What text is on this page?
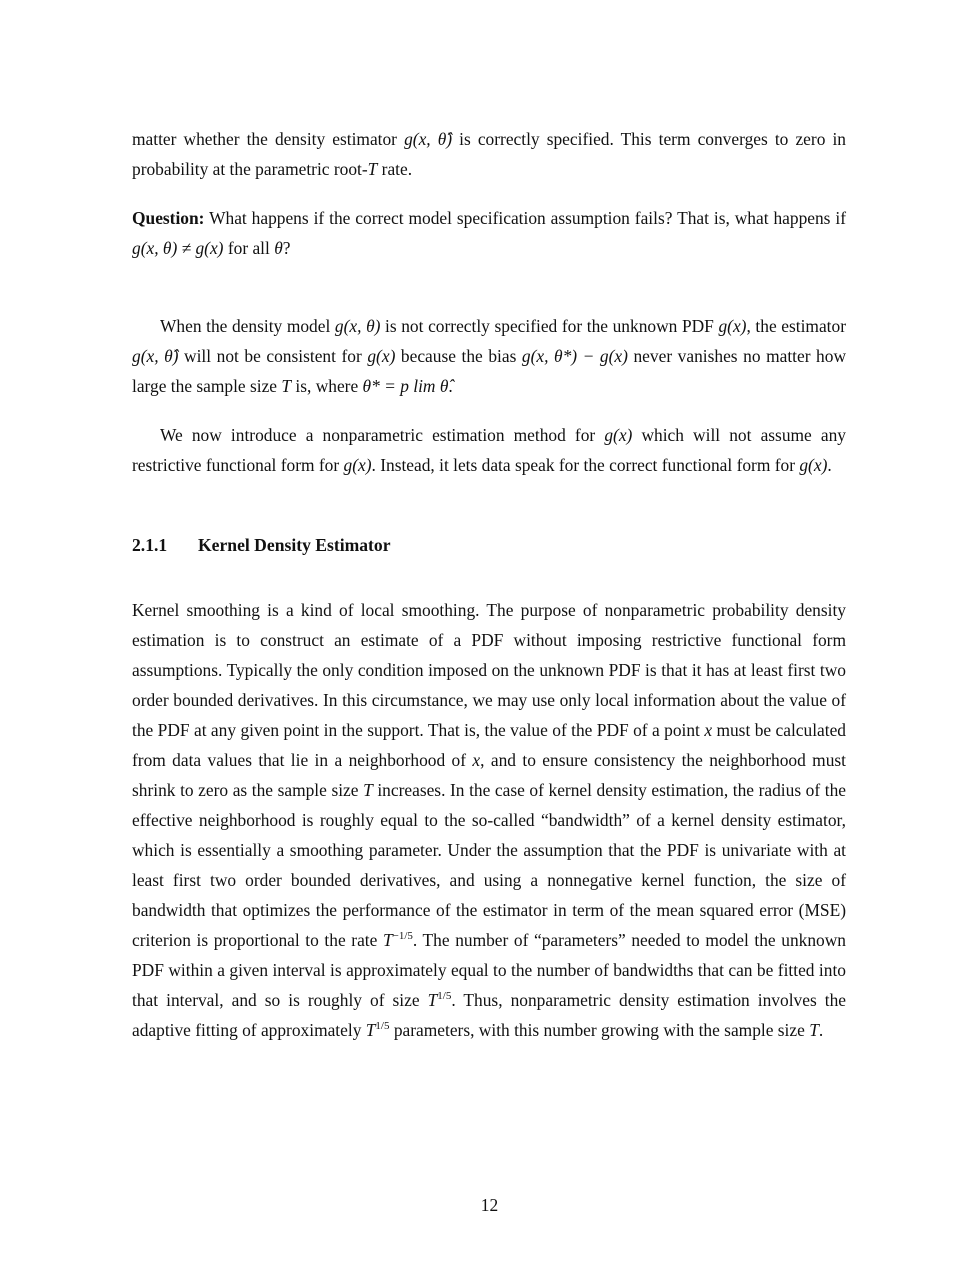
matter whether the density estimator g(x, θ̂) is correctly specified. This term converges to zero in probability at the parametric root-T rate.

Question: What happens if the correct model specification assumption fails? That is, what happens if g(x, θ) ≠ g(x) for all θ?

When the density model g(x, θ) is not correctly specified for the unknown PDF g(x), the estimator g(x, θ̂) will not be consistent for g(x) because the bias g(x, θ*) − g(x) never vanishes no matter how large the sample size T is, where θ* = p lim θ̂.

We now introduce a nonparametric estimation method for g(x) which will not assume any restrictive functional form for g(x). Instead, it lets data speak for the correct functional form for g(x).

2.1.1 Kernel Density Estimator

Kernel smoothing is a kind of local smoothing. The purpose of nonparametric probability density estimation is to construct an estimate of a PDF without imposing restrictive functional form assumptions. Typically the only condition imposed on the unknown PDF is that it has at least first two order bounded derivatives. In this circumstance, we may use only local information about the value of the PDF at any given point in the support. That is, the value of the PDF of a point x must be calculated from data values that lie in a neighborhood of x, and to ensure consistency the neighborhood must shrink to zero as the sample size T increases. In the case of kernel density estimation, the radius of the effective neighborhood is roughly equal to the so-called “bandwidth” of a kernel density estimator, which is essentially a smoothing parameter. Under the assumption that the PDF is univariate with at least first two order bounded derivatives, and using a nonnegative kernel function, the size of bandwidth that optimizes the performance of the estimator in term of the mean squared error (MSE) criterion is proportional to the rate $T^{-1/5}$. The number of “parameters” needed to model the unknown PDF within a given interval is approximately equal to the number of bandwidths that can be fitted into that interval, and so is roughly of size $T^{1/5}$. Thus, nonparametric density estimation involves the adaptive fitting of approximately $T^{1/5}$ parameters, with this number growing with the sample size T.

12
